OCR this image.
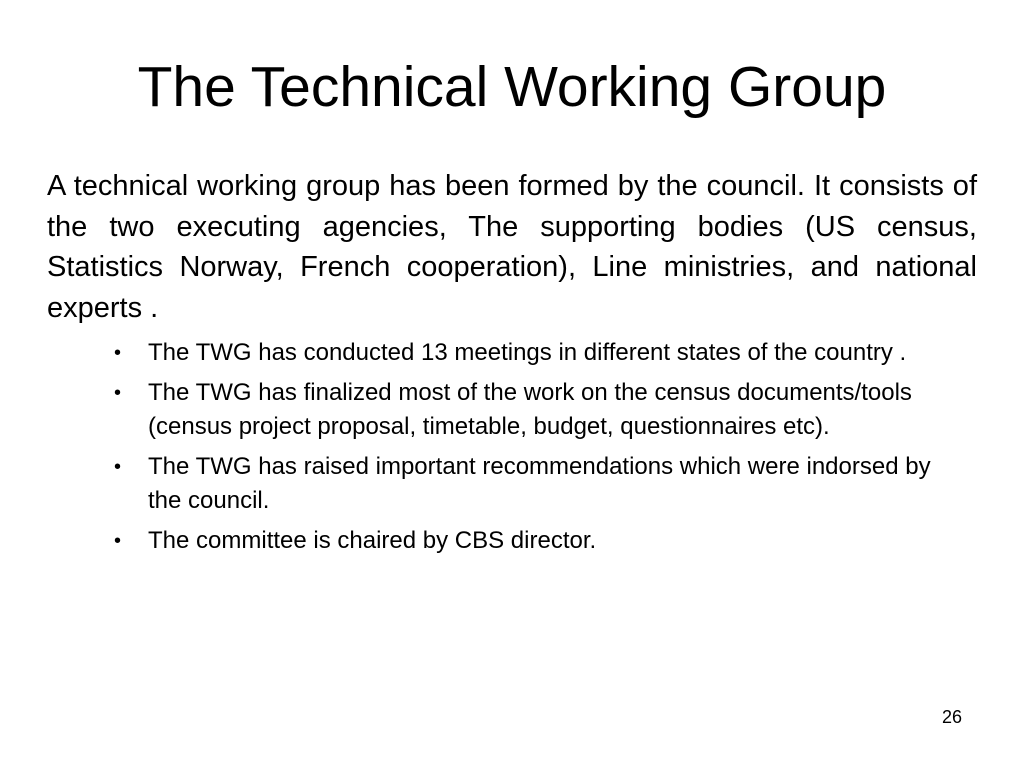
The Technical Working Group

A technical working group has been formed by the council. It consists of the two executing agencies, The supporting bodies (US census, Statistics Norway, French cooperation), Line ministries, and national experts .

• The TWG has conducted 13 meetings in different states of the country .
• The TWG has finalized most of the work on the census documents/tools (census project proposal, timetable, budget, questionnaires etc).
• The TWG has raised important recommendations which were indorsed by the council.
• The committee is chaired by CBS director.
26
